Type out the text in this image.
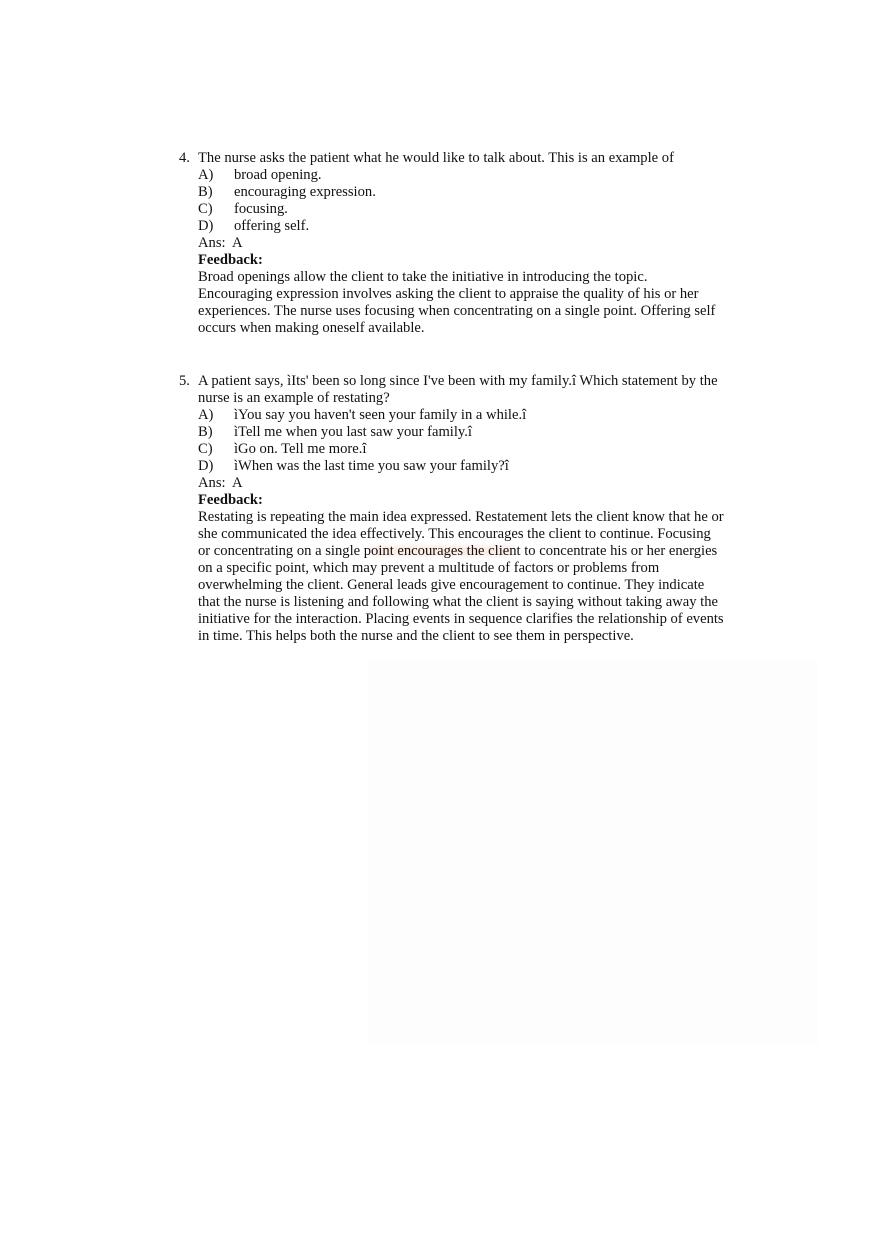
4. The nurse asks the patient what he would like to talk about. This is an example of
A)	broad opening.
B)	encouraging expression.
C)	focusing.
D)	offering self.
Ans:  A
Feedback:
Broad openings allow the client to take the initiative in introducing the topic. Encouraging expression involves asking the client to appraise the quality of his or her experiences. The nurse uses focusing when concentrating on a single point. Offering self occurs when making oneself available.
5. A patient says, ìIts' been so long since I've been with my family.î Which statement by the nurse is an example of restating?
A)	ìYou say you haven't seen your family in a while.î
B)	ìTell me when you last saw your family.î
C)	ìGo on. Tell me more.î
D)	ìWhen was the last time you saw your family?î
Ans:  A
Feedback:
Restating is repeating the main idea expressed. Restatement lets the client know that he or she communicated the idea effectively. This encourages the client to continue. Focusing or concentrating on a single point encourages the client to concentrate his or her energies on a specific point, which may prevent a multitude of factors or problems from overwhelming the client. General leads give encouragement to continue. They indicate that the nurse is listening and following what the client is saying without taking away the initiative for the interaction. Placing events in sequence clarifies the relationship of events in time. This helps both the nurse and the client to see them in perspective.
